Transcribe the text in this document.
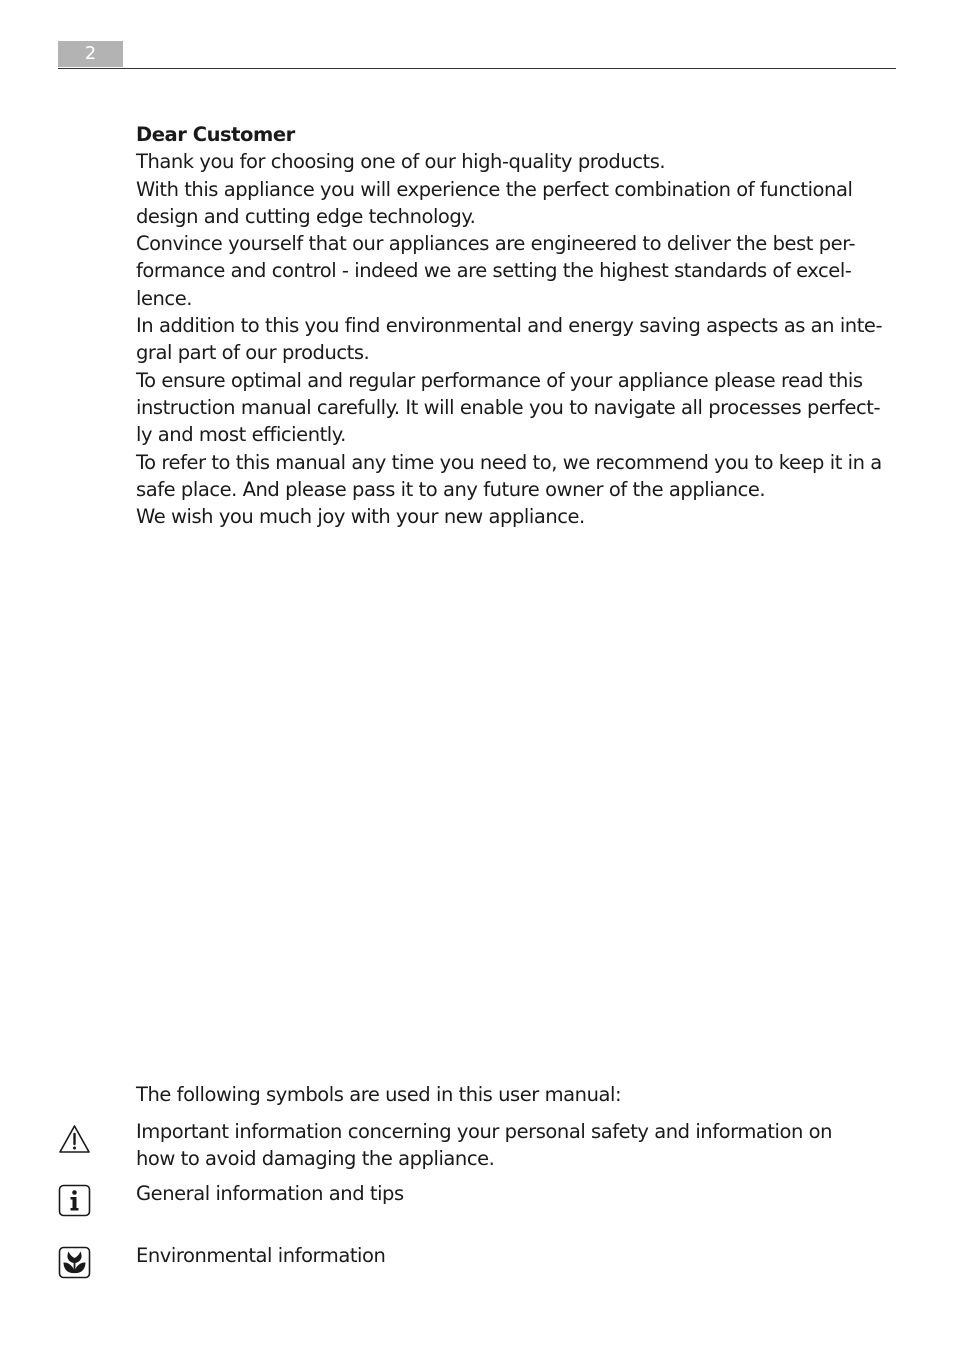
2

Dear Customer

Thank you for choosing one of our high-quality products.

With this appliance you will experience the perfect combination of functional

design and cutting edge technology.

Convince yourself that our appliances are engineered to deliver the best per-

formance and control - indeed we are setting the highest standards of excel-

lence.

In addition to this you find environmental and energy saving aspects as an inte-

gral part of our products.

To ensure optimal and regular performance of your appliance please read this

instruction manual carefully. It will enable you to navigate all processes perfect-

ly and most efficiently.

To refer to this manual any time you need to, we recommend you to keep it in a

safe place. And please pass it to any future owner of the appliance.

We wish you much joy with your new appliance.

The following symbols are used in this user manual:
Important information concerning your personal safety and information on
how to avoid damaging the appliance.
General information and tips
Environmental information
